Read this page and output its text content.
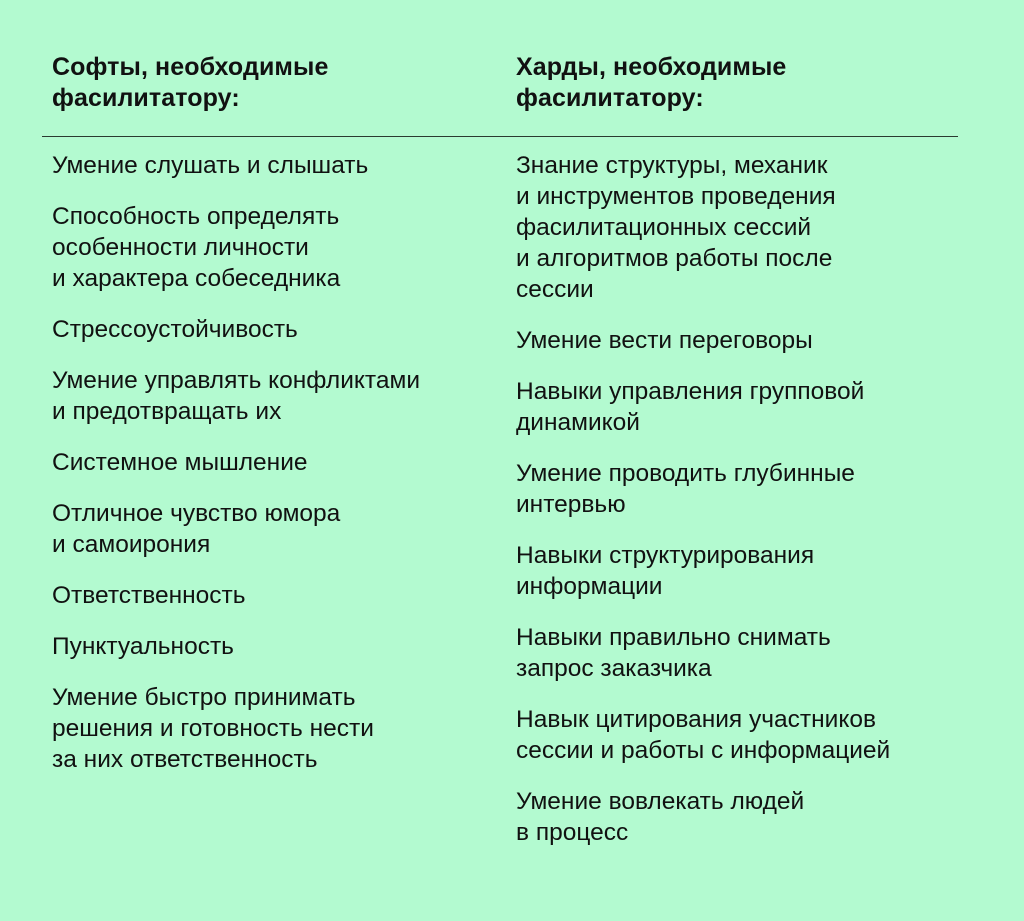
Софты, необходимые
фасилитатору:
Умение слушать и слышать
Способность определять
особенности личности
и характера собеседника
Стрессоустойчивость
Умение управлять конфликтами
и предотвращать их
Системное мышление
Отличное чувство юмора
и самоирония
Ответственность
Пунктуальность
Умение быстро принимать
решения и готовность нести
за них ответственность
Харды, необходимые
фасилитатору:
Знание структуры, механик
и инструментов проведения
фасилитационных сессий
и алгоритмов работы после
сессии
Умение вести переговоры
Навыки управления групповой
динамикой
Умение проводить глубинные
интервью
Навыки структурирования
информации
Навыки правильно снимать
запрос заказчика
Навык цитирования участников
сессии и работы с информацией
Умение вовлекать людей
в процесс
